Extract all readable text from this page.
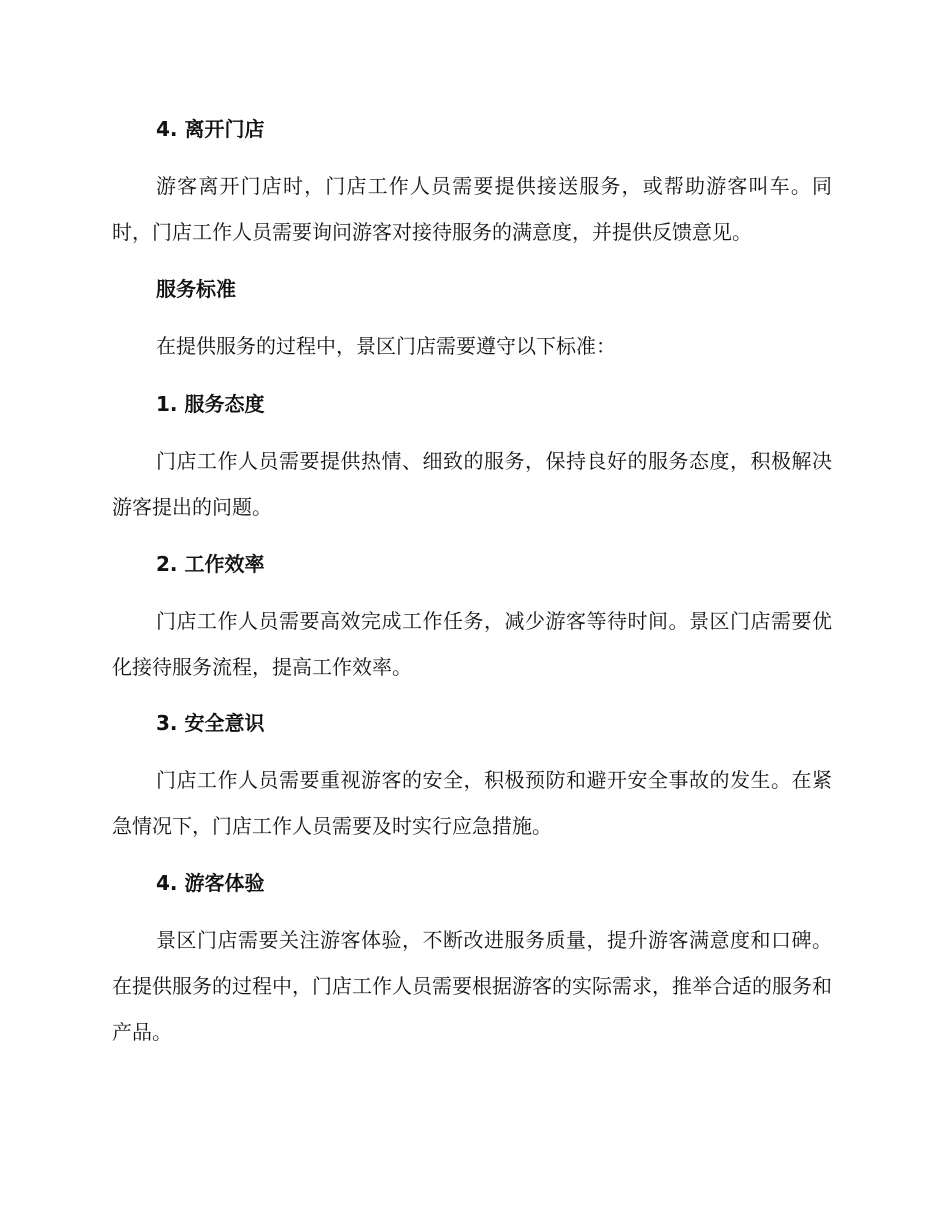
4. 离开门店

游客离开门店时，门店工作人员需要提供接送服务，或帮助游客叫车。同时，门店工作人员需要询问游客对接待服务的满意度，并提供反馈意见。

服务标准

在提供服务的过程中，景区门店需要遵守以下标准：

1. 服务态度

门店工作人员需要提供热情、细致的服务，保持良好的服务态度，积极解决游客提出的问题。

2. 工作效率

门店工作人员需要高效完成工作任务，减少游客等待时间。景区门店需要优化接待服务流程，提高工作效率。

3. 安全意识

门店工作人员需要重视游客的安全，积极预防和避开安全事故的发生。在紧急情况下，门店工作人员需要及时实行应急措施。

4. 游客体验

景区门店需要关注游客体验，不断改进服务质量，提升游客满意度和口碑。在提供服务的过程中，门店工作人员需要根据游客的实际需求，推举合适的服务和产品。
